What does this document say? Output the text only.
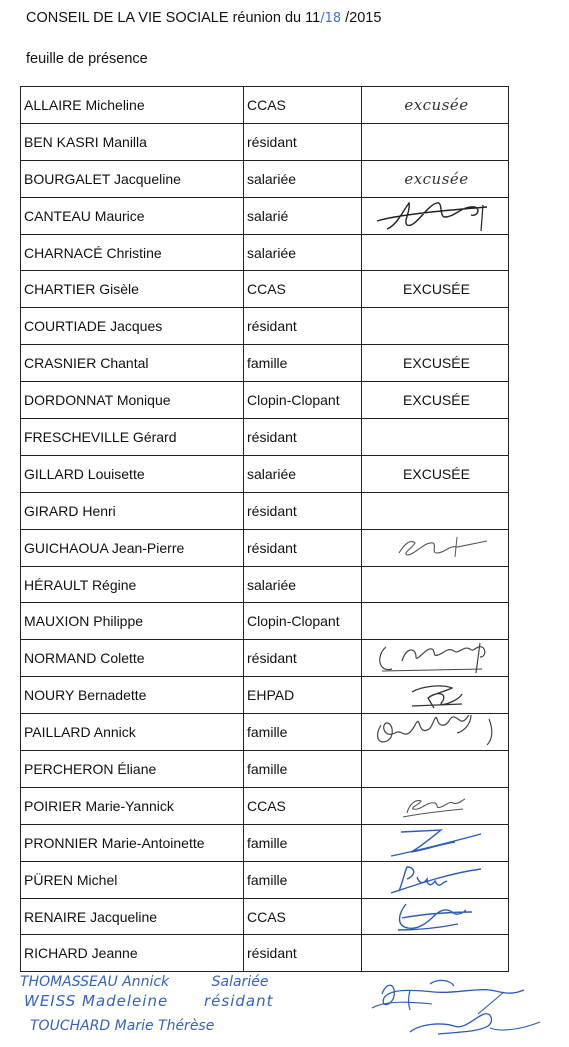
CONSEIL DE LA VIE SOCIALE réunion du 11/18 /2015
feuille de présence
ALLAIRE Micheline	CCAS	excusée
BEN KASRI Manilla	résidant	
BOURGALET Jacqueline	salariée	excusée
CANTEAU Maurice	salarié	

CHARNACÉ Christine	salariée	
CHARTIER Gisèle	CCAS	EXCUSÉE
COURTIADE Jacques	résidant	
CRASNIER Chantal	famille	EXCUSÉE
DORDONNAT Monique	Clopin-Clopant	EXCUSÉE
FRESCHEVILLE Gérard	résidant	
GILLARD Louisette	salariée	EXCUSÉE
GIRARD Henri	résidant	
GUICHAOUA Jean-Pierre	résidant	

HÉRAULT Régine	salariée	
MAUXION Philippe	Clopin-Clopant	
NORMAND Colette	résidant	

NOURY Bernadette	EHPAD	

PAILLARD Annick	famille	

PERCHERON Éliane	famille	
POIRIER Marie-Yannick	CCAS	

PRONNIER Marie-Antoinette	famille	

PÜREN Michel	famille	

RENAIRE Jacqueline	CCAS	

RICHARD Jeanne	résidant	
THOMASSEAU Annick	Salariée
WEISS Madeleine résidant
TOUCHARD Marie Thérèse
